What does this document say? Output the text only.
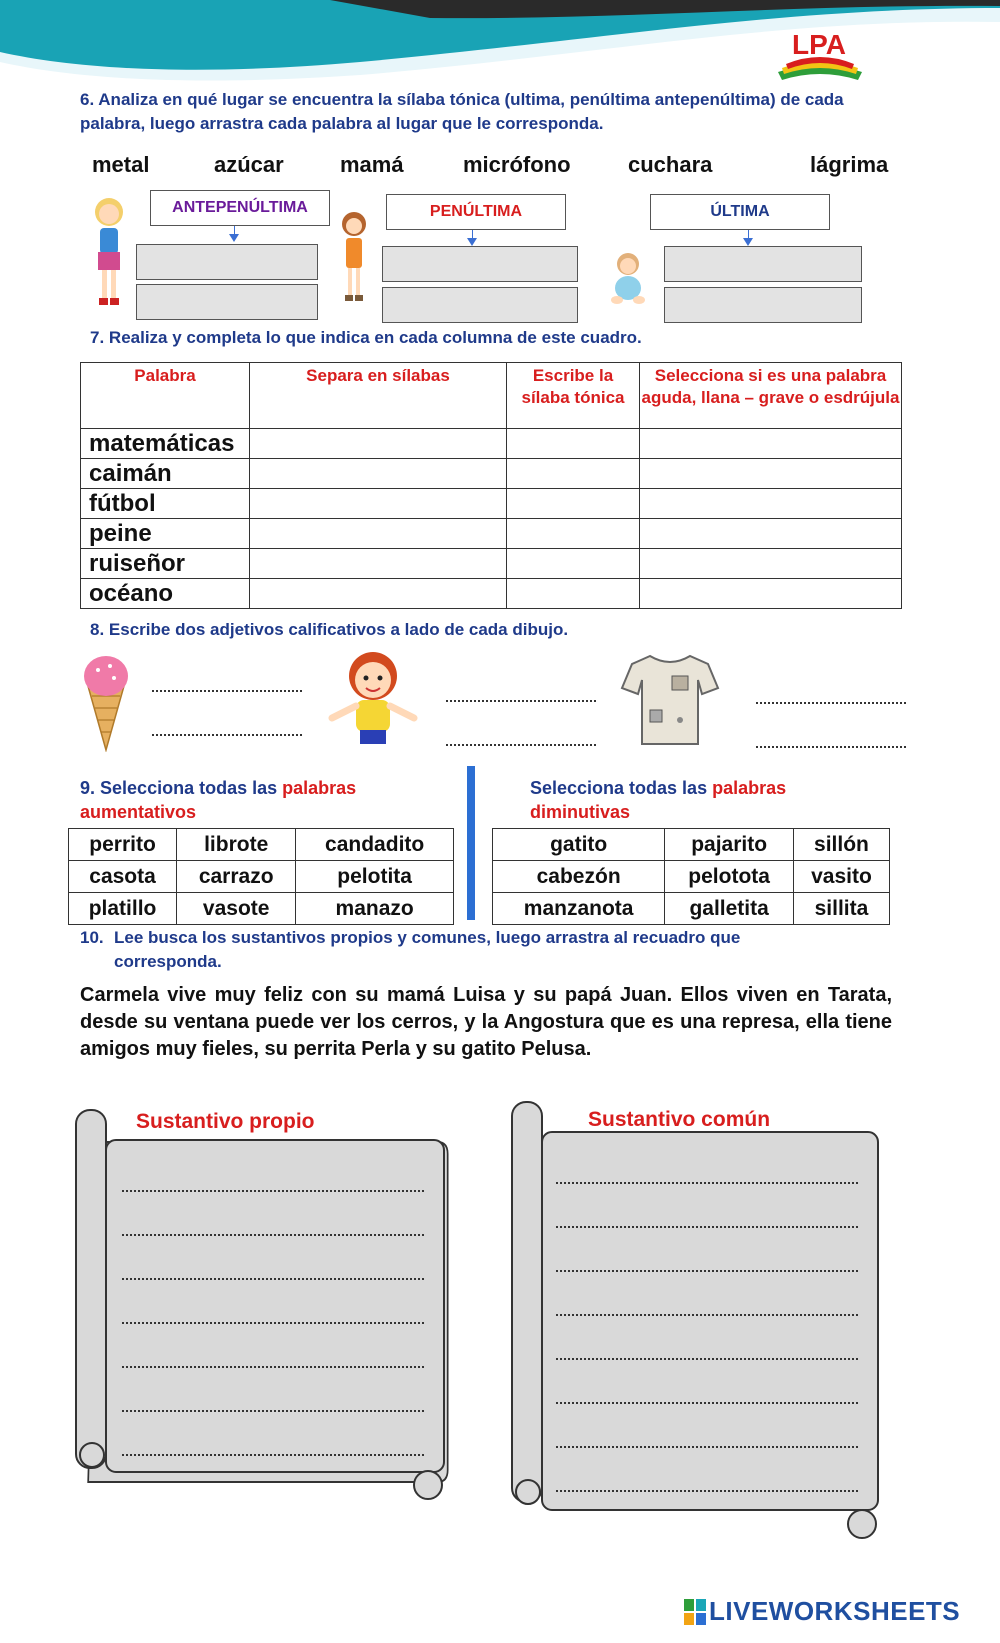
LPA
6. Analiza en qué lugar se encuentra la sílaba tónica (ultima, penúltima antepenúltima) de cada palabra, luego arrastra cada palabra al lugar que le corresponda.
metal	azúcar	mamá	micrófono	cuchara	lágrima
ANTEPENÚLTIMA	PENÚLTIMA	ÚLTIMA
7. Realiza y completa lo que indica en cada columna de este cuadro.
Palabra	Separa en sílabas	Escribe la sílaba tónica	Selecciona si es una palabra aguda, llana – grave o esdrújula
matemáticas			
caimán			
fútbol			
peine			
ruiseñor			
océano			
8. Escribe dos adjetivos calificativos a lado de cada dibujo.
9. Selecciona todas las palabras aumentativos
perrito	librote	candadito
casota	carrazo	pelotita
platillo	vasote	manazo
Selecciona todas las palabras diminutivas
gatito	pajarito	sillón
cabezón	pelotota	vasito
manzanota	galletita	sillita
10. Lee busca los sustantivos propios y comunes, luego arrastra al recuadro que corresponda.
Carmela vive muy feliz con su mamá Luisa y su papá Juan. Ellos viven en Tarata, desde su ventana puede ver los cerros, y la Angostura que es una represa, ella tiene amigos muy fieles, su perrita Perla y su gatito Pelusa.
Sustantivo propio	Sustantivo común
LIVEWORKSHEETS
